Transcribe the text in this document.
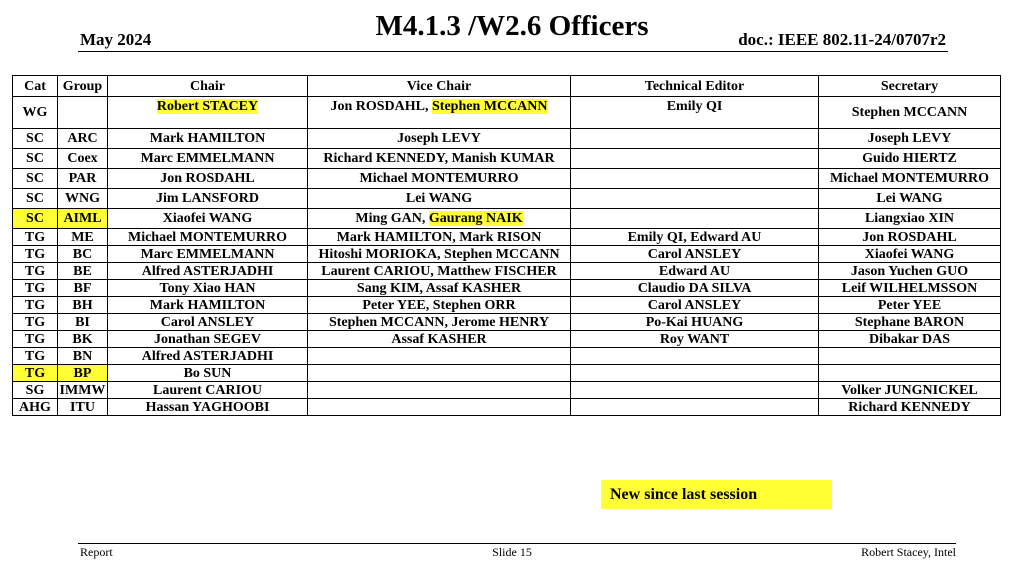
May 2024	M4.1.3 /W2.6 Officers	doc.: IEEE 802.11-24/0707r2
Cat	Group	Chair	Vice Chair	Technical Editor	Secretary
WG		Robert STACEY	Jon ROSDAHL, Stephen MCCANN	Emily QI	Stephen MCCANN
SC	ARC	Mark HAMILTON	Joseph LEVY		Joseph LEVY
SC	Coex	Marc EMMELMANN	Richard KENNEDY, Manish KUMAR		Guido HIERTZ
SC	PAR	Jon ROSDAHL	Michael MONTEMURRO		Michael MONTEMURRO
SC	WNG	Jim LANSFORD	Lei WANG		Lei WANG
SC	AIML	Xiaofei WANG	Ming GAN, Gaurang NAIK		Liangxiao XIN
TG	ME	Michael MONTEMURRO	Mark HAMILTON, Mark RISON	Emily QI, Edward AU	Jon ROSDAHL
TG	BC	Marc EMMELMANN	Hitoshi MORIOKA, Stephen MCCANN	Carol ANSLEY	Xiaofei WANG
TG	BE	Alfred ASTERJADHI	Laurent CARIOU, Matthew FISCHER	Edward AU	Jason Yuchen GUO
TG	BF	Tony Xiao HAN	Sang KIM, Assaf KASHER	Claudio DA SILVA	Leif WILHELMSSON
TG	BH	Mark HAMILTON	Peter YEE, Stephen ORR	Carol ANSLEY	Peter YEE
TG	BI	Carol ANSLEY	Stephen MCCANN, Jerome HENRY	Po-Kai HUANG	Stephane BARON
TG	BK	Jonathan SEGEV	Assaf KASHER	Roy WANT	Dibakar DAS
TG	BN	Alfred ASTERJADHI			
TG	BP	Bo SUN			
SG	IMMW	Laurent CARIOU			Volker JUNGNICKEL
AHG	ITU	Hassan YAGHOOBI			Richard KENNEDY
New since last session
Report	Slide 15	Robert Stacey, Intel
